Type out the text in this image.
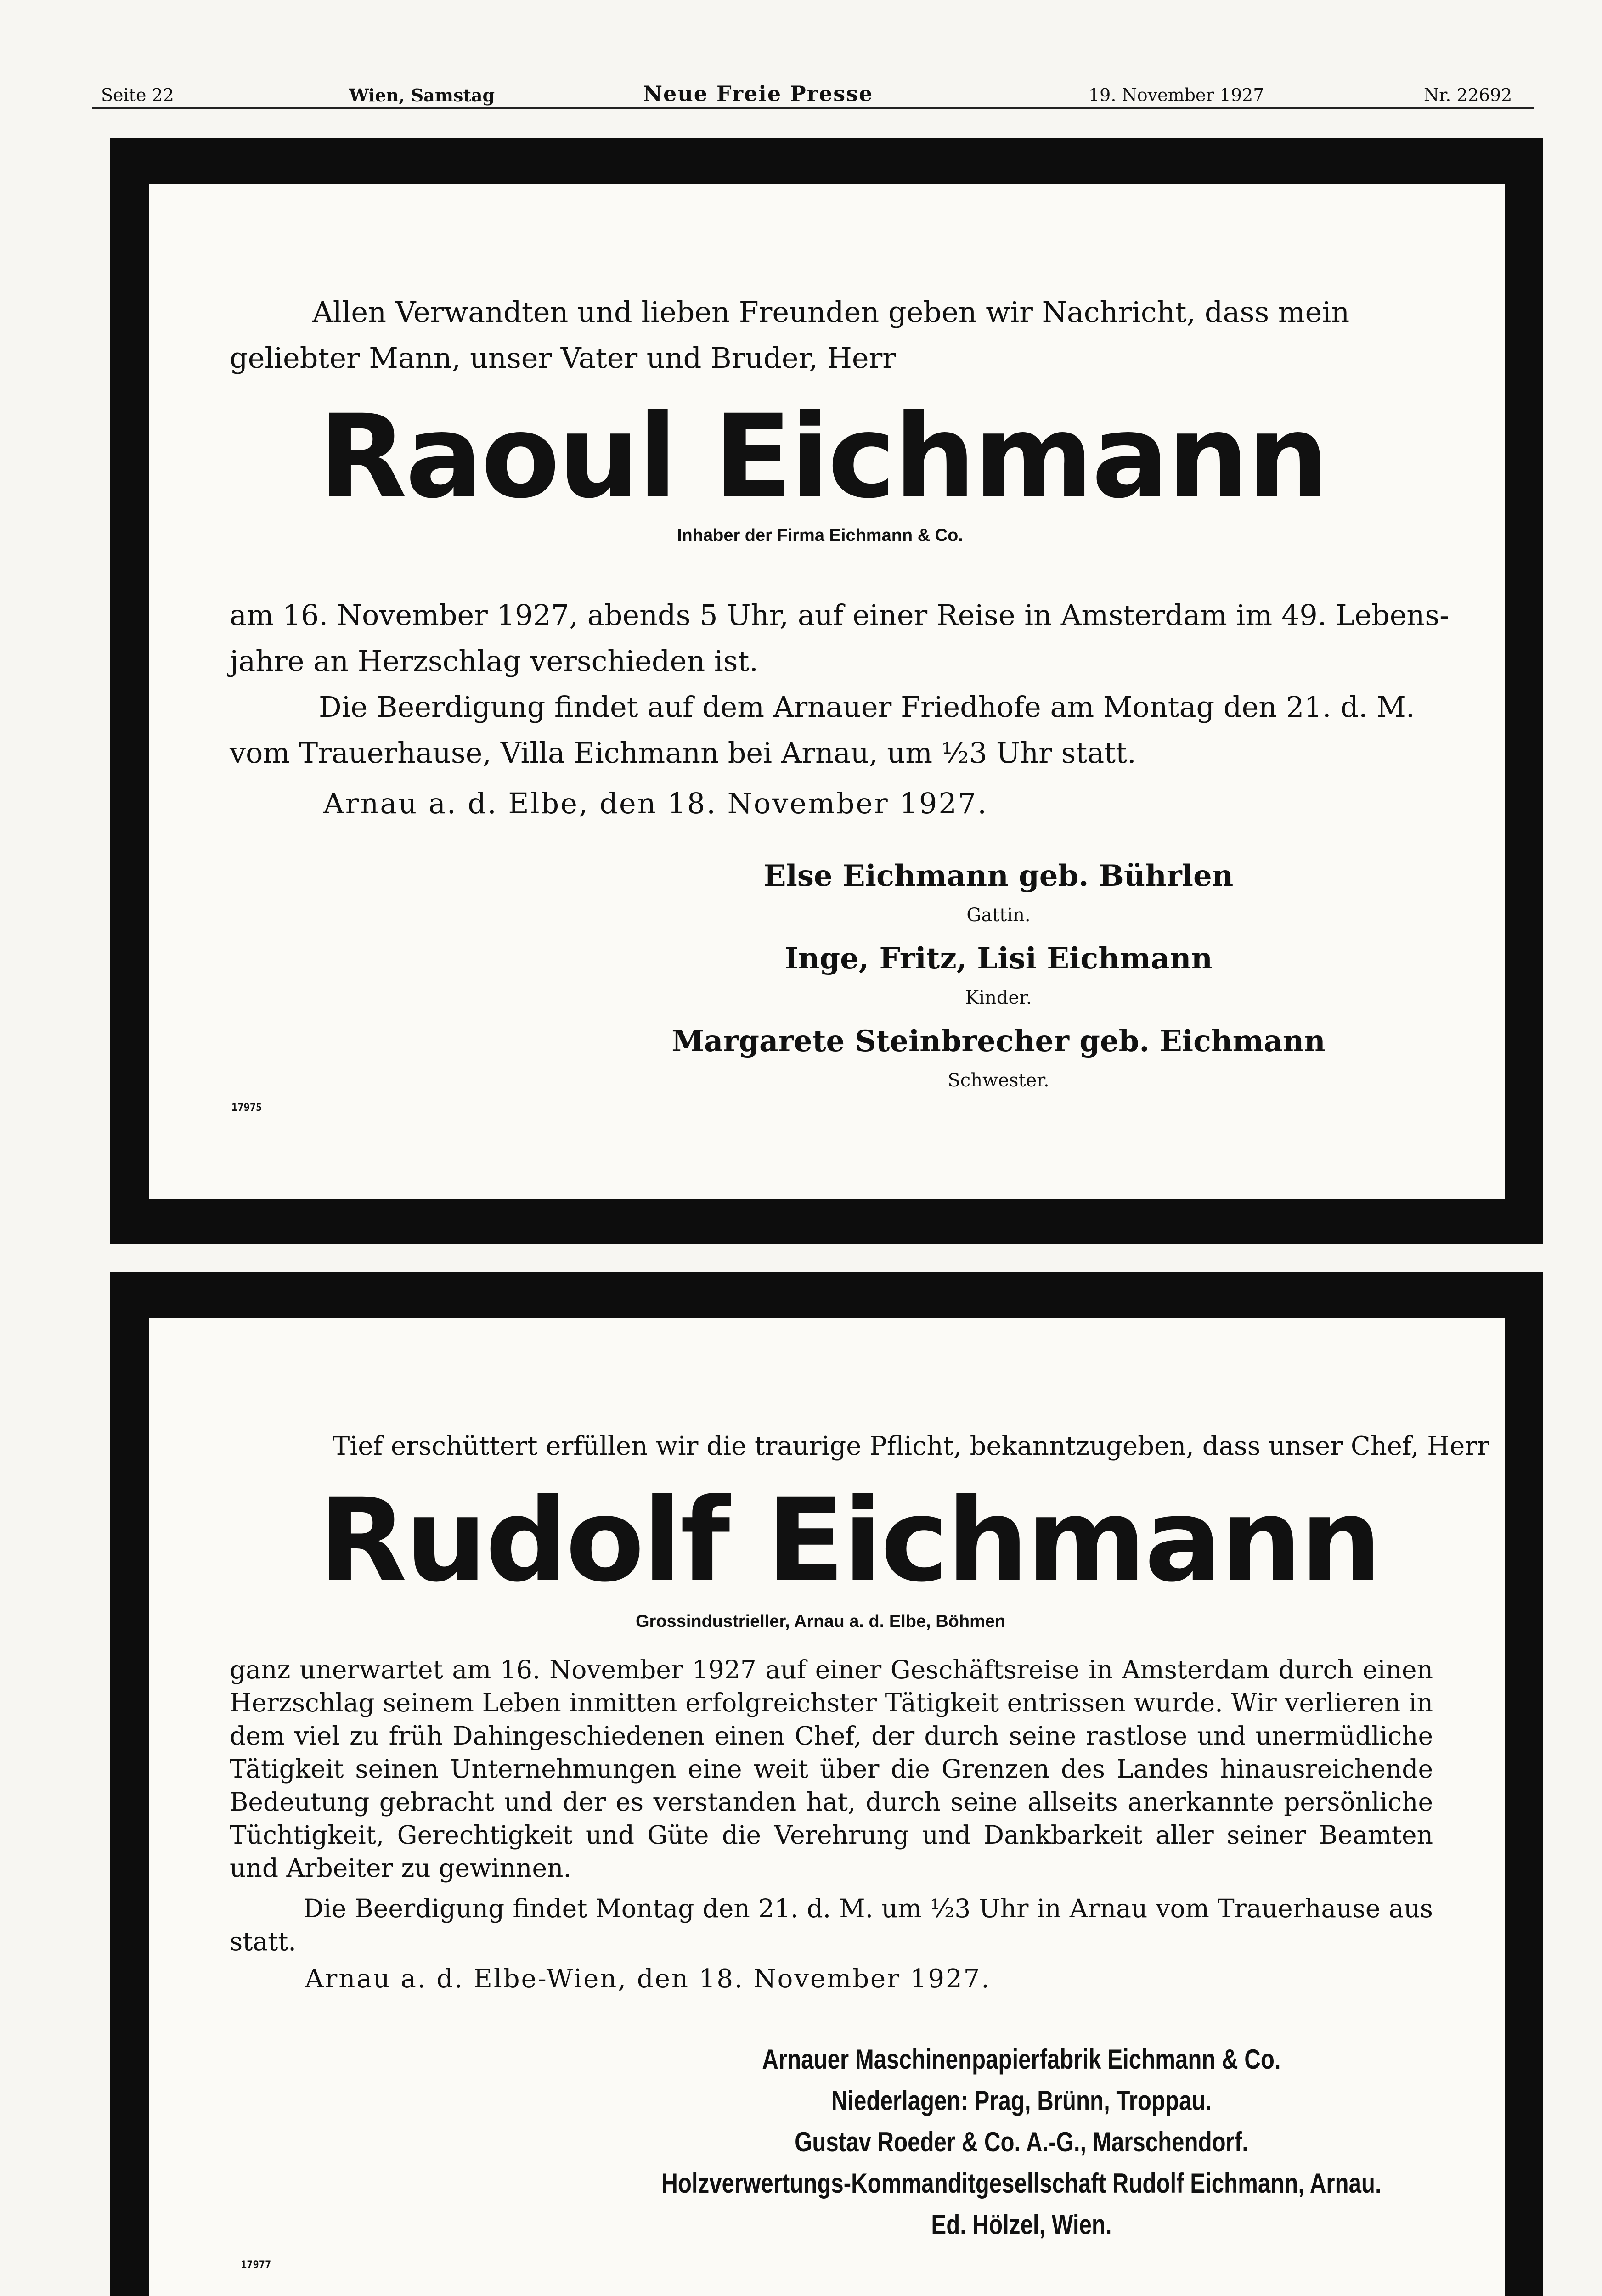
Seite 22	Wien, Samstag	Neue Freie Presse	19. November 1927	Nr. 22692
Allen Verwandten und lieben Freunden geben wir Nachricht, dass mein
geliebter Mann, unser Vater und Bruder, Herr
Raoul Eichmann
Inhaber der Firma Eichmann & Co.
am 16. November 1927, abends 5 Uhr, auf einer Reise in Amsterdam im 49. Lebens-
jahre an Herzschlag verschieden ist.
Die Beerdigung findet auf dem Arnauer Friedhofe am Montag den 21. d. M.
vom Trauerhause, Villa Eichmann bei Arnau, um ½3 Uhr statt.
Arnau a. d. Elbe, den 18. November 1927.
Else Eichmann geb. Bührlen
Gattin.
Inge, Fritz, Lisi Eichmann
Kinder.
Margarete Steinbrecher geb. Eichmann
Schwester.
17975
Tief erschüttert erfüllen wir die traurige Pflicht, bekanntzugeben, dass unser Chef, Herr
Rudolf Eichmann
Grossindustrieller, Arnau a. d. Elbe, Böhmen
ganz unerwartet am 16. November 1927 auf einer Geschäftsreise in Amsterdam durch einen Herzschlag seinem Leben inmitten erfolgreichster Tätigkeit entrissen wurde. Wir verlieren in dem viel zu früh Dahingeschiedenen einen Chef, der durch seine rastlose und unermüdliche Tätigkeit seinen Unternehmungen eine weit über die Grenzen des Landes hinausreichende Bedeutung gebracht und der es verstanden hat, durch seine allseits anerkannte persönliche Tüchtigkeit, Gerechtigkeit und Güte die Verehrung und Dankbarkeit aller seiner Beamten und Arbeiter zu gewinnen.
Die Beerdigung findet Montag den 21. d. M. um ½3 Uhr in Arnau vom Trauerhause aus statt.
Arnau a. d. Elbe-Wien, den 18. November 1927.
Arnauer Maschinenpapierfabrik Eichmann & Co.
Niederlagen: Prag, Brünn, Troppau.
Gustav Roeder & Co. A.-G., Marschendorf.
Holzverwertungs-Kommanditgesellschaft Rudolf Eichmann, Arnau.
Ed. Hölzel, Wien.
17977
